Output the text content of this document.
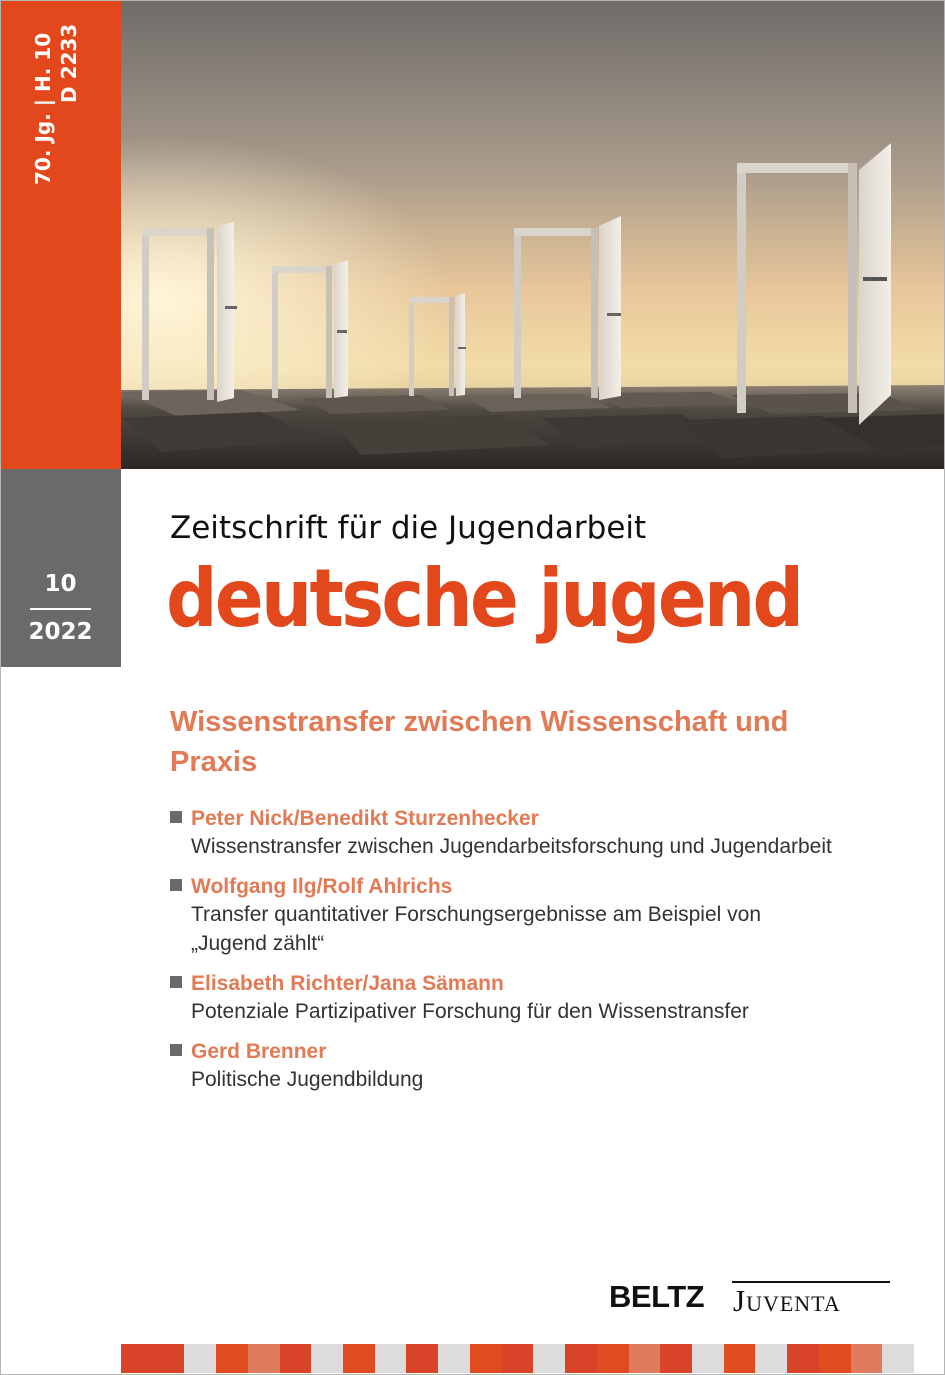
70. Jg. | H. 10 D 2233
10
2022
Zeitschrift für die Jugendarbeit
deutsche jugend
Wissenstransfer zwischen Wissenschaft und Praxis
Peter Nick/Benedikt Sturzenhecker
Wissenstransfer zwischen Jugendarbeitsforschung und Jugendarbeit
Wolfgang Ilg/Rolf Ahlrichs
Transfer quantitativer Forschungsergebnisse am Beispiel von „Jugend zählt“
Elisabeth Richter/Jana Sämann
Potenziale Partizipativer Forschung für den Wissenstransfer
Gerd Brenner
Politische Jugendbildung
BELTZ Juventa
